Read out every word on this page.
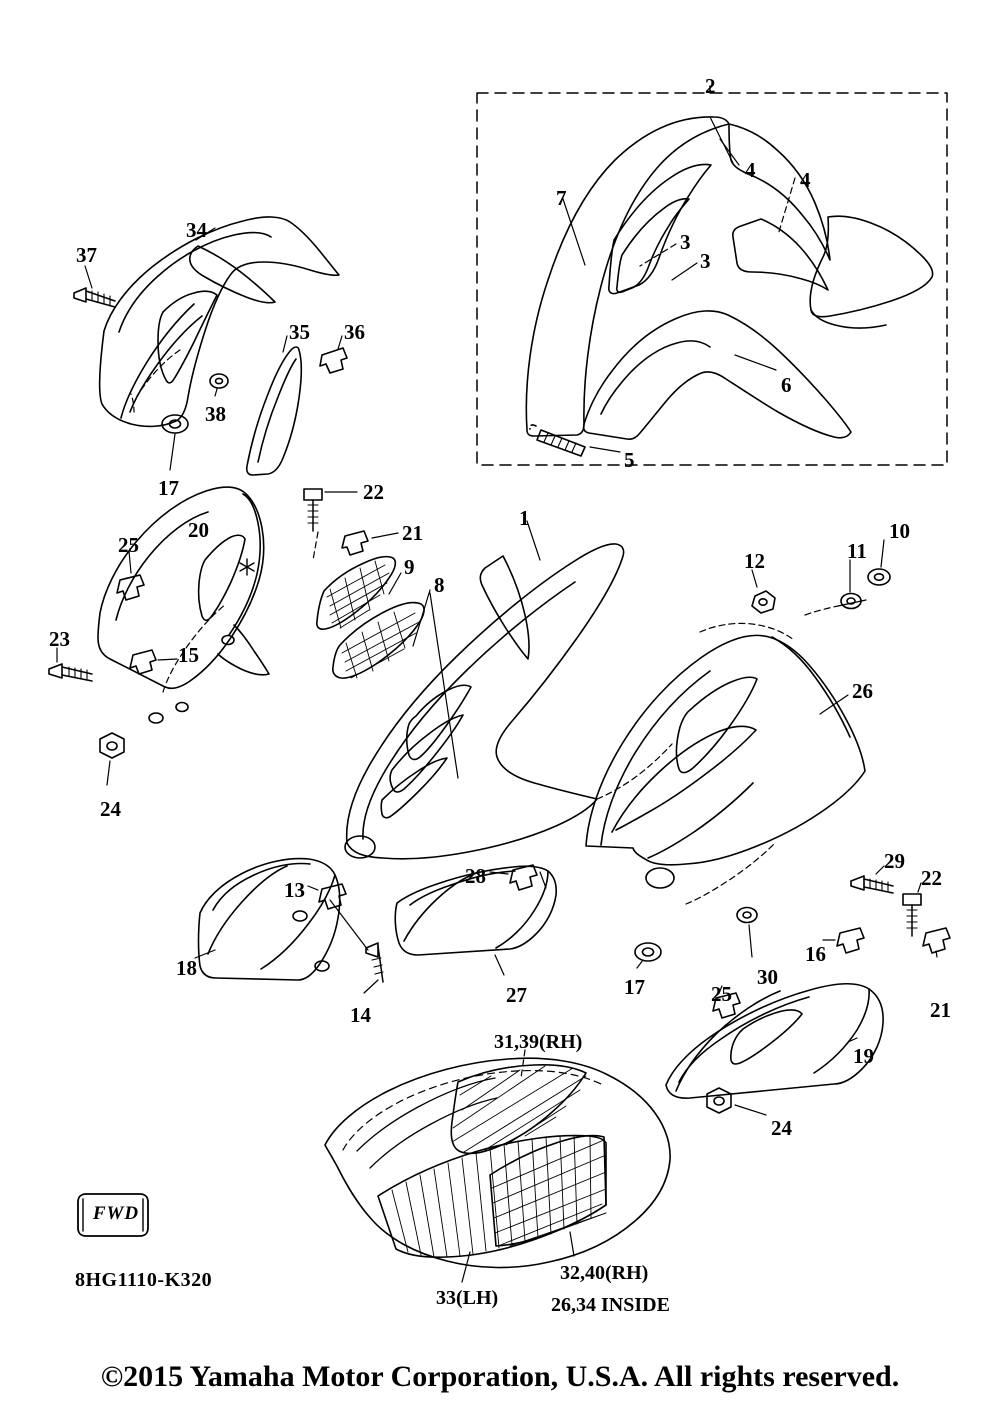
FWD
8HG1110-K320
2
4 4
7
3
3
6
5
34
37
35 36
38
17	22
20
25	21
1
9
8
12	11
10
15
23
26
24
28
29
22
13
16
30
25
17
18
27
21
14
19
24
31,39(RH)
33(LH)
32,40(RH)
26,34 INSIDE
©2015 Yamaha Motor Corporation, U.S.A. All rights reserved.
